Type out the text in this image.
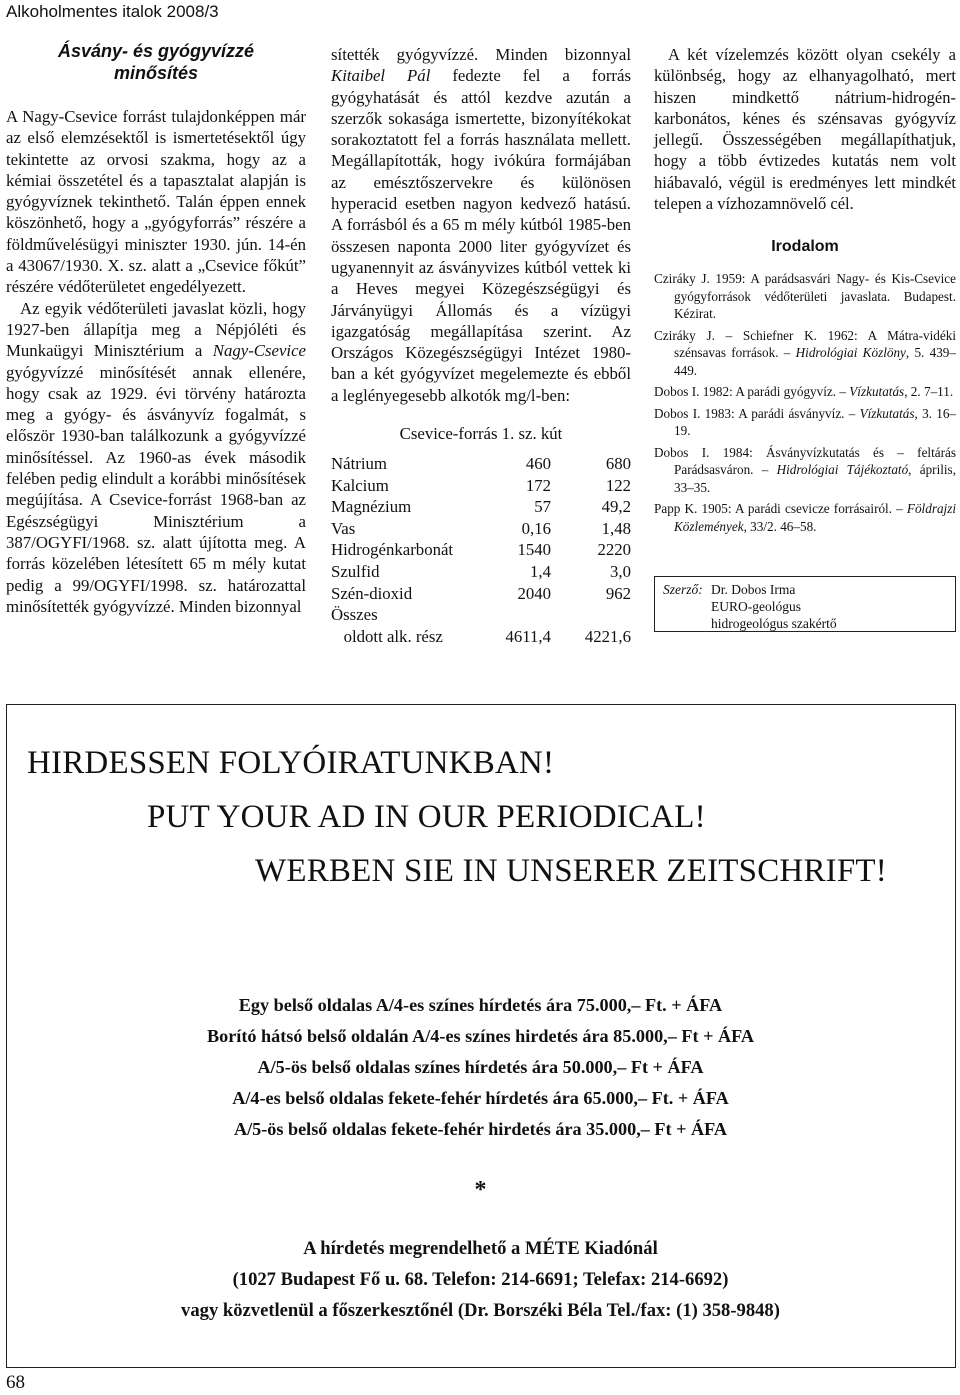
Alkoholmentes italok 2008/3
Ásvány- és gyógyvízzé
minősítés

A Nagy-Csevice forrást tulajdonképpen már az első elemzésektől is ismertetésektől úgy tekintette az orvosi szakma, hogy az a kémiai összetétel és a tapasztalat alapján is gyógyvíznek tekinthető. Talán éppen ennek köszönhető, hogy a „gyógyforrás” részére a földművelésügyi miniszter 1930. jún. 14-én a 43067/1930. X. sz. alatt a „Csevice főkút” részére védőterületet engedélyezett.

Az egyik védőterületi javaslat közli, hogy 1927-ben állapítja meg a Népjóléti és Munkaügyi Minisztérium a Nagy-Csevice gyógyvízzé minősítését annak ellenére, hogy csak az 1929. évi törvény határozta meg a gyógy- és ásványvíz fogalmát, s először 1930-ban találkozunk a gyógyvízzé minősítéssel. Az 1960-as évek második felében pedig elindult a korábbi minősítések megújítása. A Csevice-forrást 1968-ban az Egészségügyi Minisztérium a 387/OGYFI/1968. sz. alatt újította meg. A forrás közelében létesített 65 m mély kutat pedig a 99/OGYFI/1998. sz. határozattal minősítették gyógyvízzé. Minden bizonnyal

sítették gyógyvízzé. Minden bizonnyal Kitaibel Pál fedezte fel a forrás gyógyhatását és attól kezdve azután a szerzők sokasága ismertette, bizonyítékokat sorakoztatott fel a forrás használata mellett. Megállapították, hogy ivókúra formájában az emésztőszervekre és különösen hyperacid esetben nagyon kedvező hatású. A forrásból és a 65 m mély kútból 1985-ben összesen naponta 2000 liter gyógyvízet és ugyanennyit az ásványvizes kútból vettek ki a Heves megyei Közegészségügyi és Járványügyi Állomás és a vízügyi igazgatóság megállapítása szerint. Az Országos Közegészségügyi Intézet 1980-ban a két gyógyvízet megelemezte és ebből a leglényegesebb alkotók mg/l-ben:

Csevice-forrás 1. sz. kút
Nátrium	460	680
Kalcium	172	122
Magnézium	57	49,2
Vas	0,16	1,48
Hidrogénkarbonát	1540	2220
Szulfid	1,4	3,0
Szén-dioxid	2040	962
Összes		
oldott alk. rész	4611,4	4221,6

A két vízelemzés között olyan csekély a különbség, hogy az elhanyagolható, mert hiszen mindkettő nátrium-hidrogén-karbonátos, kénes és szénsavas gyógyvíz jellegű. Összességében megállapíthatjuk, hogy a több évtizedes kutatás nem volt hiábavaló, végül is eredményes lett mindkét telepen a vízhozamnövelő cél.

Irodalom
Cziráky J. 1959: A parádsasvári Nagy- és Kis-Csevice gyógyforrások védőterületi javaslata. Budapest. Kézirat.
Cziráky J. – Schiefner K. 1962: A Mátra-vidéki szénsavas források. – Hidrológiai Közlöny, 5. 439–449.
Dobos I. 1982: A parádi gyógyvíz. – Vízkutatás, 2. 7–11.
Dobos I. 1983: A parádi ásványvíz. – Vízkutatás, 3. 16–19.
Dobos I. 1984: Ásványvízkutatás és – feltárás Parádsasváron. – Hidrológiai Tájékoztató, április, 33–35.
Papp K. 1905: A parádi csevicze forrásairól. – Földrajzi Közlemények, 33/2. 46–58.
Szerző: Dr. Dobos Irma
EURO-geológus
hidrogeológus szakértő
HIRDESSEN FOLYÓIRATUNKBAN!
PUT YOUR AD IN OUR PERIODICAL!
WERBEN SIE IN UNSERER ZEITSCHRIFT!
Egy belső oldalas A/4-es színes hírdetés ára 75.000,– Ft. + ÁFA
Borító hátsó belső oldalán A/4-es színes hirdetés ára 85.000,– Ft + ÁFA
A/5-ös belső oldalas színes hírdetés ára 50.000,– Ft + ÁFA
A/4-es belső oldalas fekete-fehér hírdetés ára 65.000,– Ft. + ÁFA
A/5-ös belső oldalas fekete-fehér hirdetés ára 35.000,– Ft + ÁFA
*
A hírdetés megrendelhető a MÉTE Kiadónál
(1027 Budapest Fő u. 68. Telefon: 214-6691; Telefax: 214-6692)
vagy közvetlenül a főszerkesztőnél (Dr. Borszéki Béla Tel./fax: (1) 358-9848)
68
